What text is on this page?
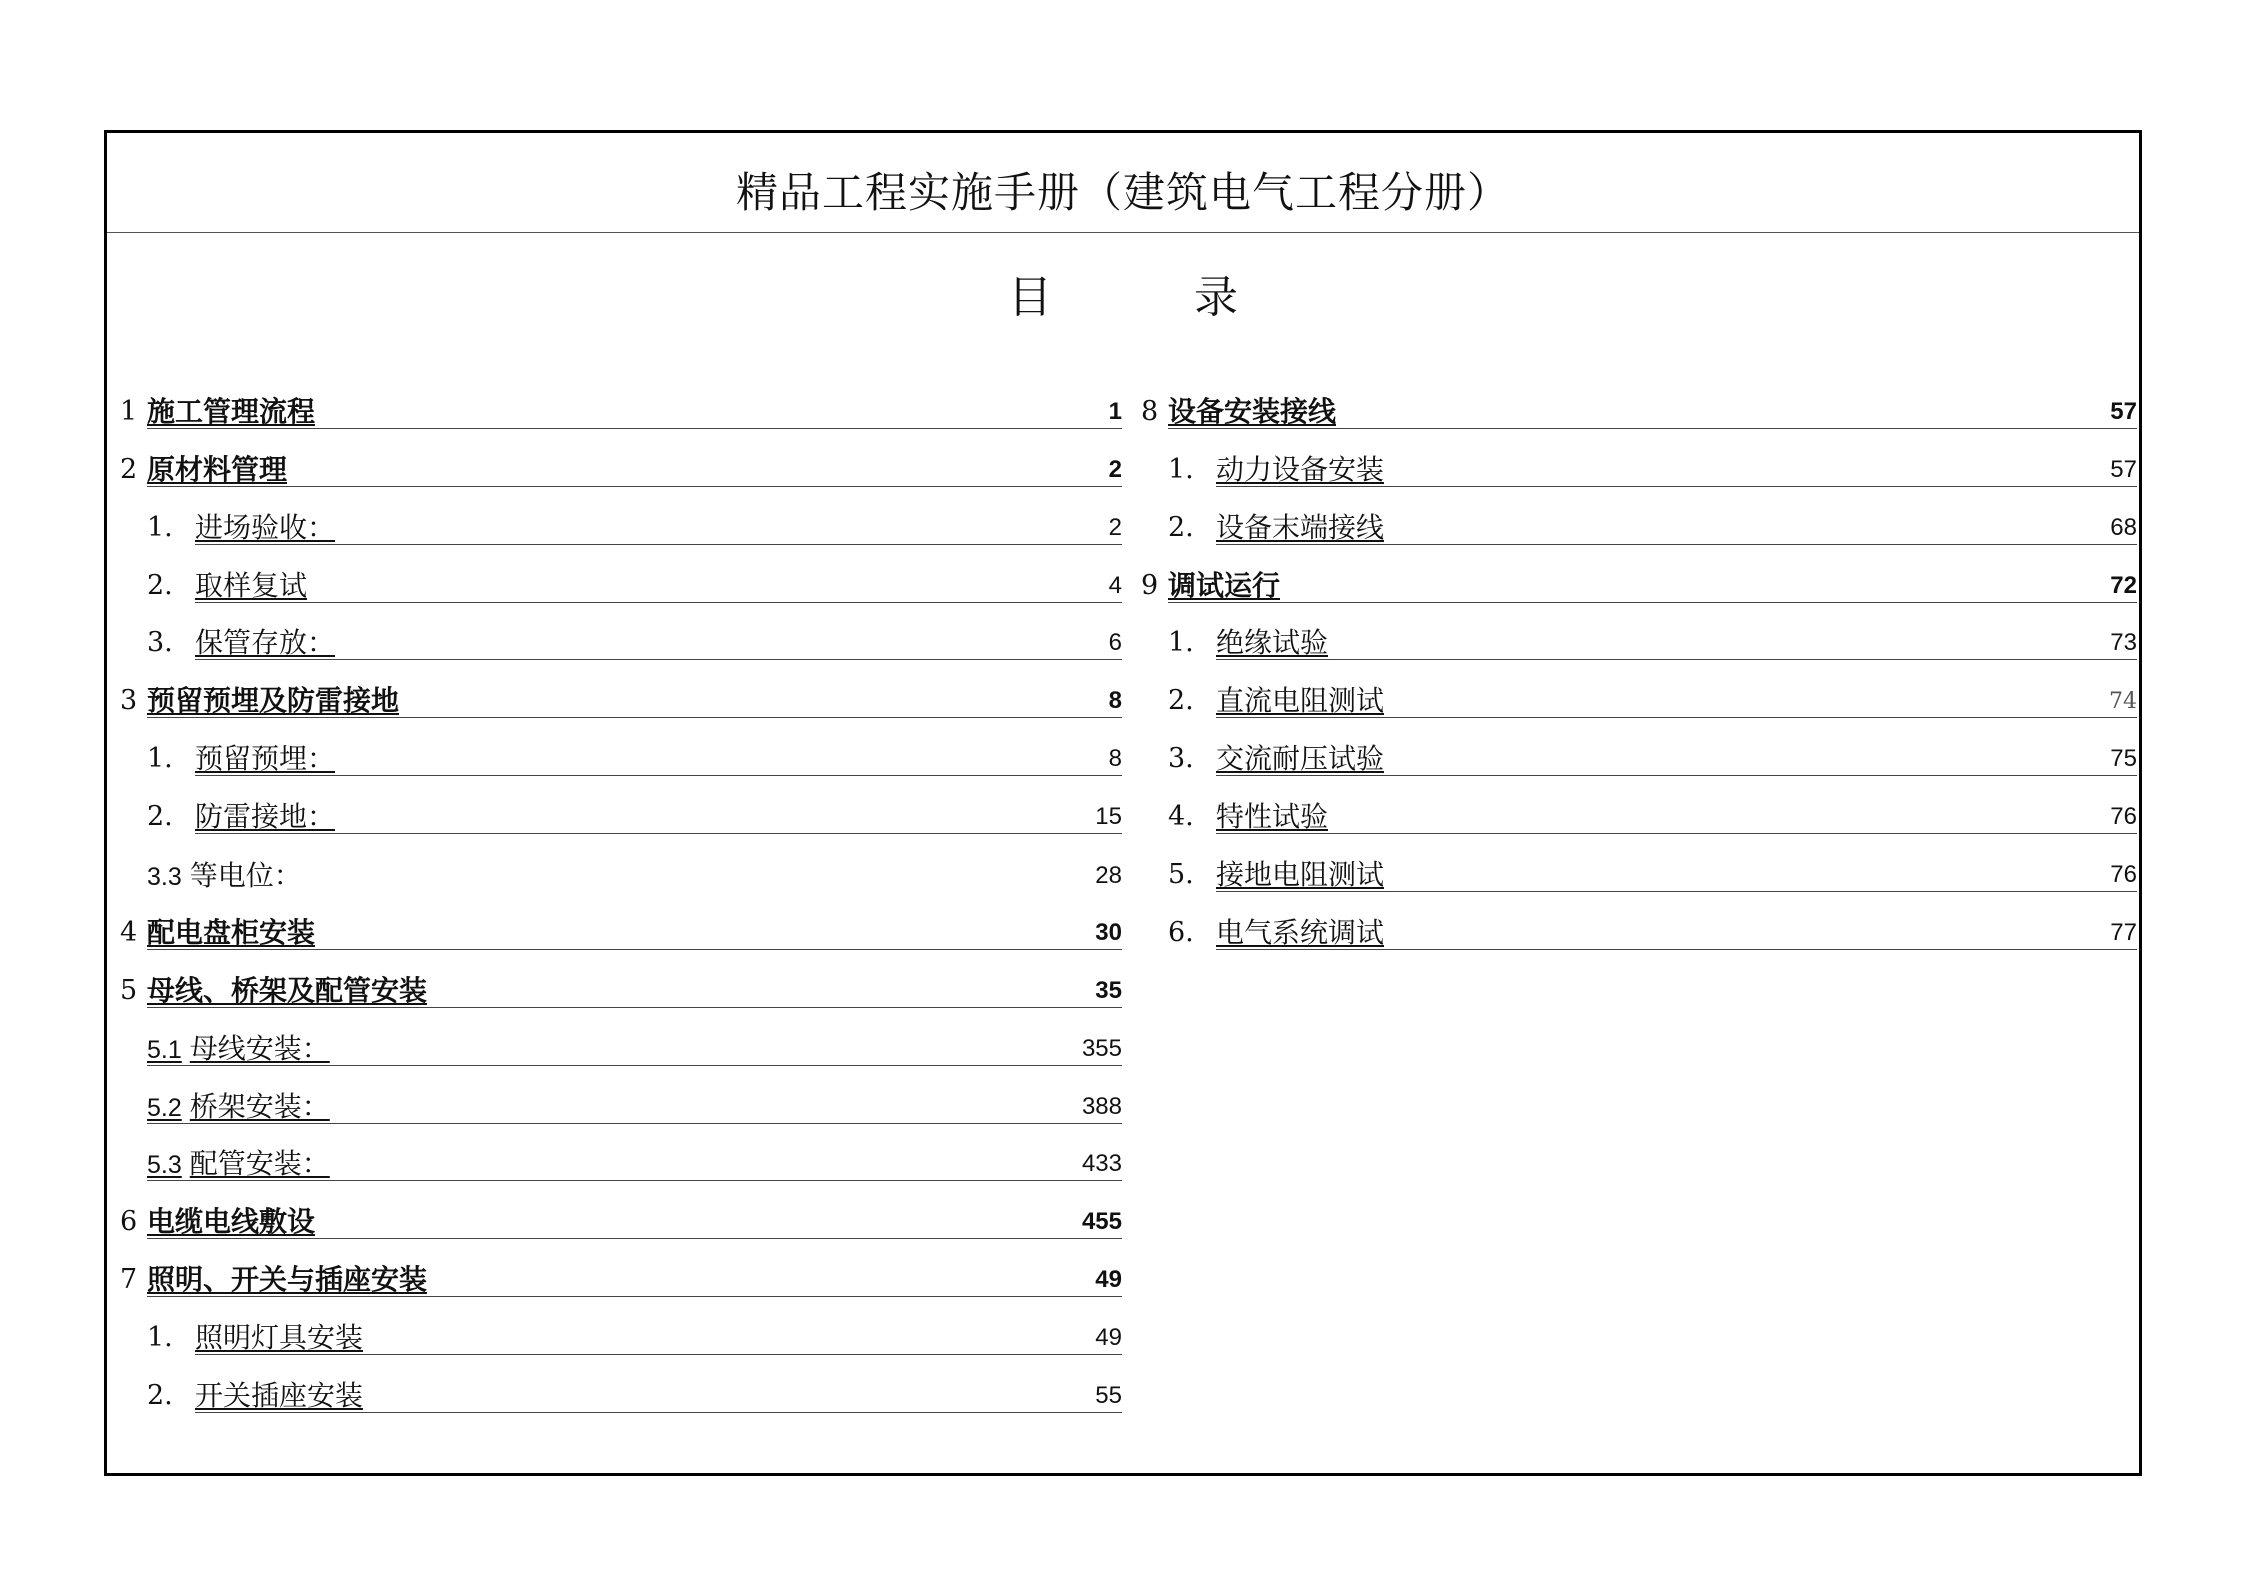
精品工程实施手册（建筑电气工程分册）
目	录
1 施工管理流程	1
2 原材料管理	2
1. 进场验收：	2
2. 取样复试	4
3. 保管存放：	6
3 预留预埋及防雷接地	8
1. 预留预埋：	8
2. 防雷接地：	15
3.3 等电位：	28
4 配电盘柜安装	30
5 母线、桥架及配管安装	35
5.1 母线安装：	355
5.2 桥架安装：	388
5.3 配管安装：	433
6 电缆电线敷设	455
7 照明、开关与插座安装	49
1. 照明灯具安装	49
2. 开关插座安装	55
8 设备安装接线	57
1. 动力设备安装	57
2. 设备末端接线	68
9 调试运行	72
1. 绝缘试验	73
2. 直流电阻测试	74
3. 交流耐压试验	75
4. 特性试验	76
5. 接地电阻测试	76
6. 电气系统调试	77
